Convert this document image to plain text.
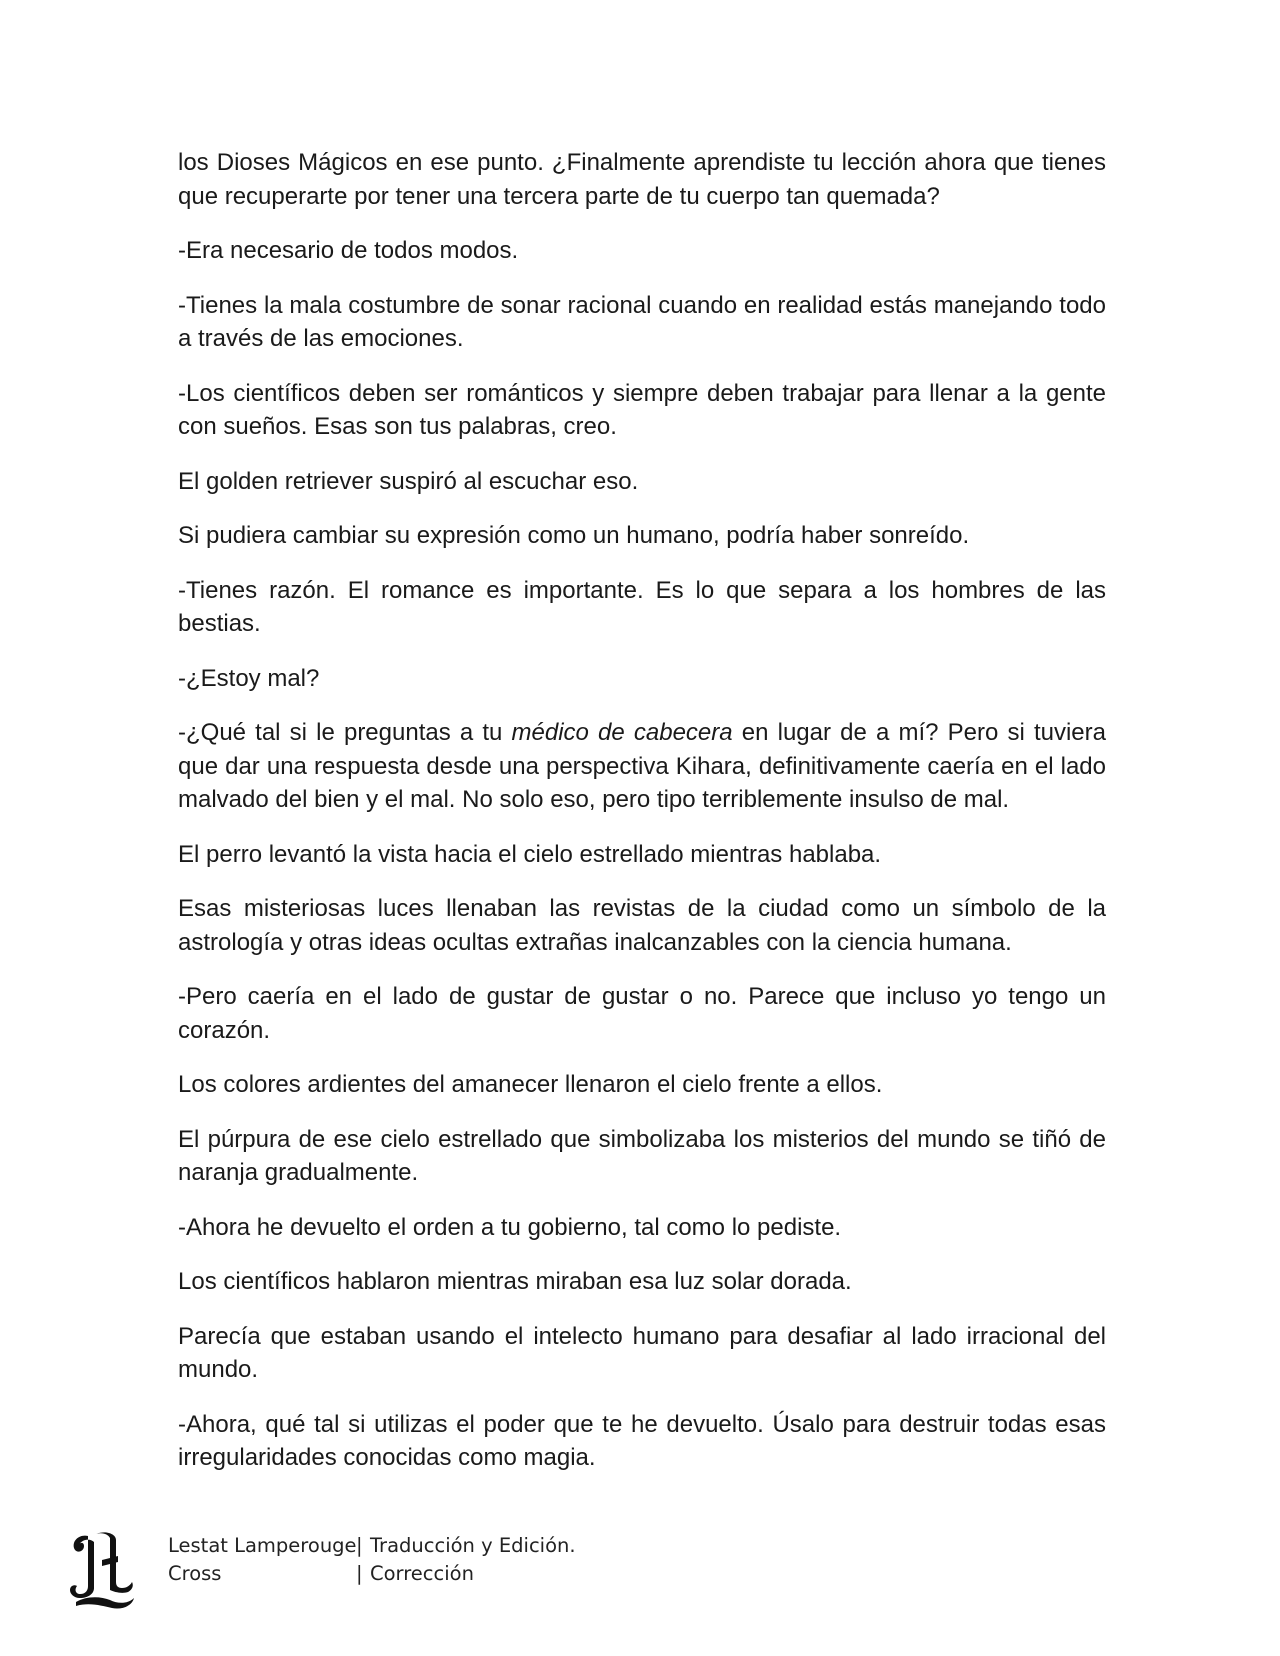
los Dioses Mágicos en ese punto. ¿Finalmente aprendiste tu lección ahora que tienes que recuperarte por tener una tercera parte de tu cuerpo tan quemada?

-Era necesario de todos modos.

-Tienes la mala costumbre de sonar racional cuando en realidad estás manejando todo a través de las emociones.

-Los científicos deben ser románticos y siempre deben trabajar para llenar a la gente con sueños. Esas son tus palabras, creo.

El golden retriever suspiró al escuchar eso.

Si pudiera cambiar su expresión como un humano, podría haber sonreído.

-Tienes razón. El romance es importante. Es lo que separa a los hombres de las bestias.

-¿Estoy mal?

-¿Qué tal si le preguntas a tu médico de cabecera en lugar de a mí? Pero si tuviera que dar una respuesta desde una perspectiva Kihara, definitivamente caería en el lado malvado del bien y el mal. No solo eso, pero tipo terriblemente insulso de mal.

El perro levantó la vista hacia el cielo estrellado mientras hablaba.

Esas misteriosas luces llenaban las revistas de la ciudad como un símbolo de la astrología y otras ideas ocultas extrañas inalcanzables con la ciencia humana.

-Pero caería en el lado de gustar de gustar o no. Parece que incluso yo tengo un corazón.

Los colores ardientes del amanecer llenaron el cielo frente a ellos.

El púrpura de ese cielo estrellado que simbolizaba los misterios del mundo se tiñó de naranja gradualmente.

-Ahora he devuelto el orden a tu gobierno, tal como lo pediste.

Los científicos hablaron mientras miraban esa luz solar dorada.

Parecía que estaban usando el intelecto humano para desafiar al lado irracional del mundo.

-Ahora, qué tal si utilizas el poder que te he devuelto. Úsalo para destruir todas esas irregularidades conocidas como magia.

Lestat Lamperouge | Traducción y Edición.
Cross	| Corrección
